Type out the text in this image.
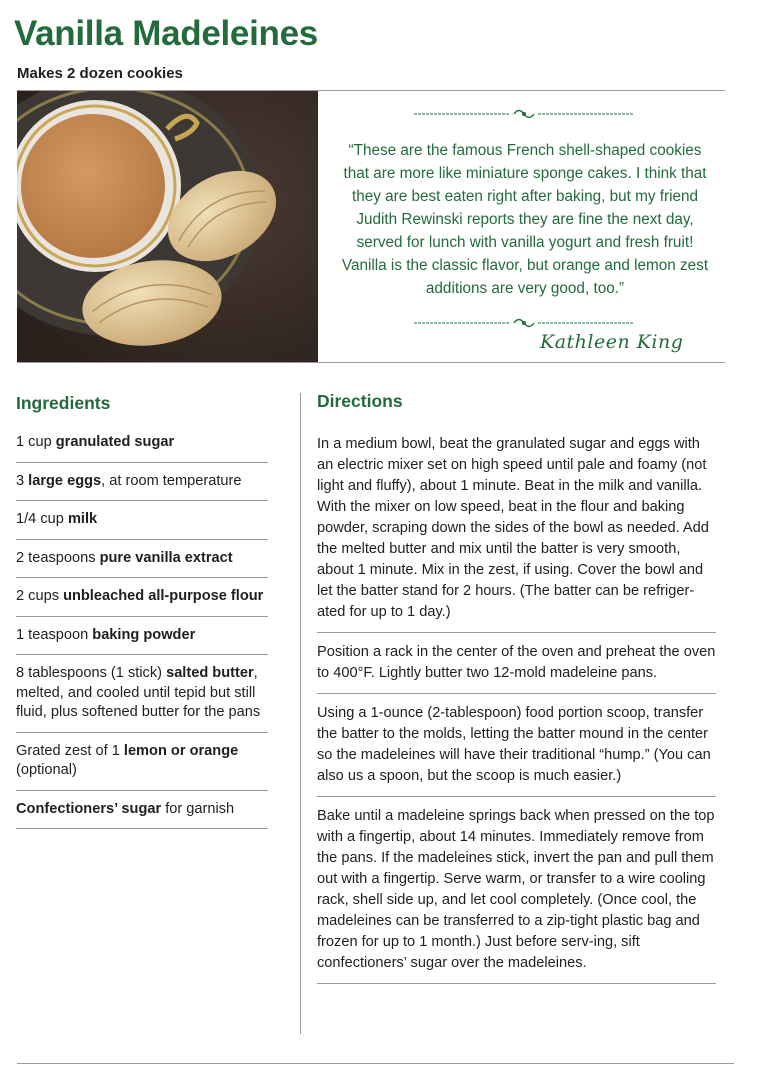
Vanilla Madeleines
Makes 2 dozen cookies
“These are the famous French shell-shaped cookies that are more like miniature sponge cakes. I think that they are best eaten right after baking, but my friend Judith Rewinski reports they are fine the next day, served for lunch with vanilla yogurt and fresh fruit! Vanilla is the classic flavor, but orange and lemon zest additions are very good, too.”
Kathleen King
Ingredients	Directions
1 cup granulated sugar
3 large eggs, at room temperature
1/4 cup milk
2 teaspoons pure vanilla extract
2 cups unbleached all-purpose flour
1 teaspoon baking powder
8 tablespoons (1 stick) salted butter, melted, and cooled until tepid but still fluid, plus softened butter for the pans
Grated zest of 1 lemon or orange (optional)
Confectioners’ sugar for garnish
In a medium bowl, beat the granulated sugar and eggs with an electric mixer set on high speed until pale and foamy (not light and fluffy), about 1 minute. Beat in the milk and vanilla. With the mixer on low speed, beat in the flour and baking powder, scraping down the sides of the bowl as needed. Add the melted butter and mix until the batter is very smooth, about 1 minute. Mix in the zest, if using. Cover the bowl and let the batter stand for 2 hours. (The batter can be refriger-ated for up to 1 day.)
Position a rack in the center of the oven and preheat the oven to 400°F. Lightly butter two 12-mold madeleine pans.
Using a 1-ounce (2-tablespoon) food portion scoop, transfer the batter to the molds, letting the batter mound in the center so the madeleines will have their traditional “hump.” (You can also us a spoon, but the scoop is much easier.)
Bake until a madeleine springs back when pressed on the top with a fingertip, about 14 minutes. Immediately remove from the pans. If the madeleines stick, invert the pan and pull them out with a fingertip. Serve warm, or transfer to a wire cooling rack, shell side up, and let cool completely. (Once cool, the madeleines can be transferred to a zip-tight plastic bag and frozen for up to 1 month.) Just before serv-ing, sift confectioners’ sugar over the madeleines.
